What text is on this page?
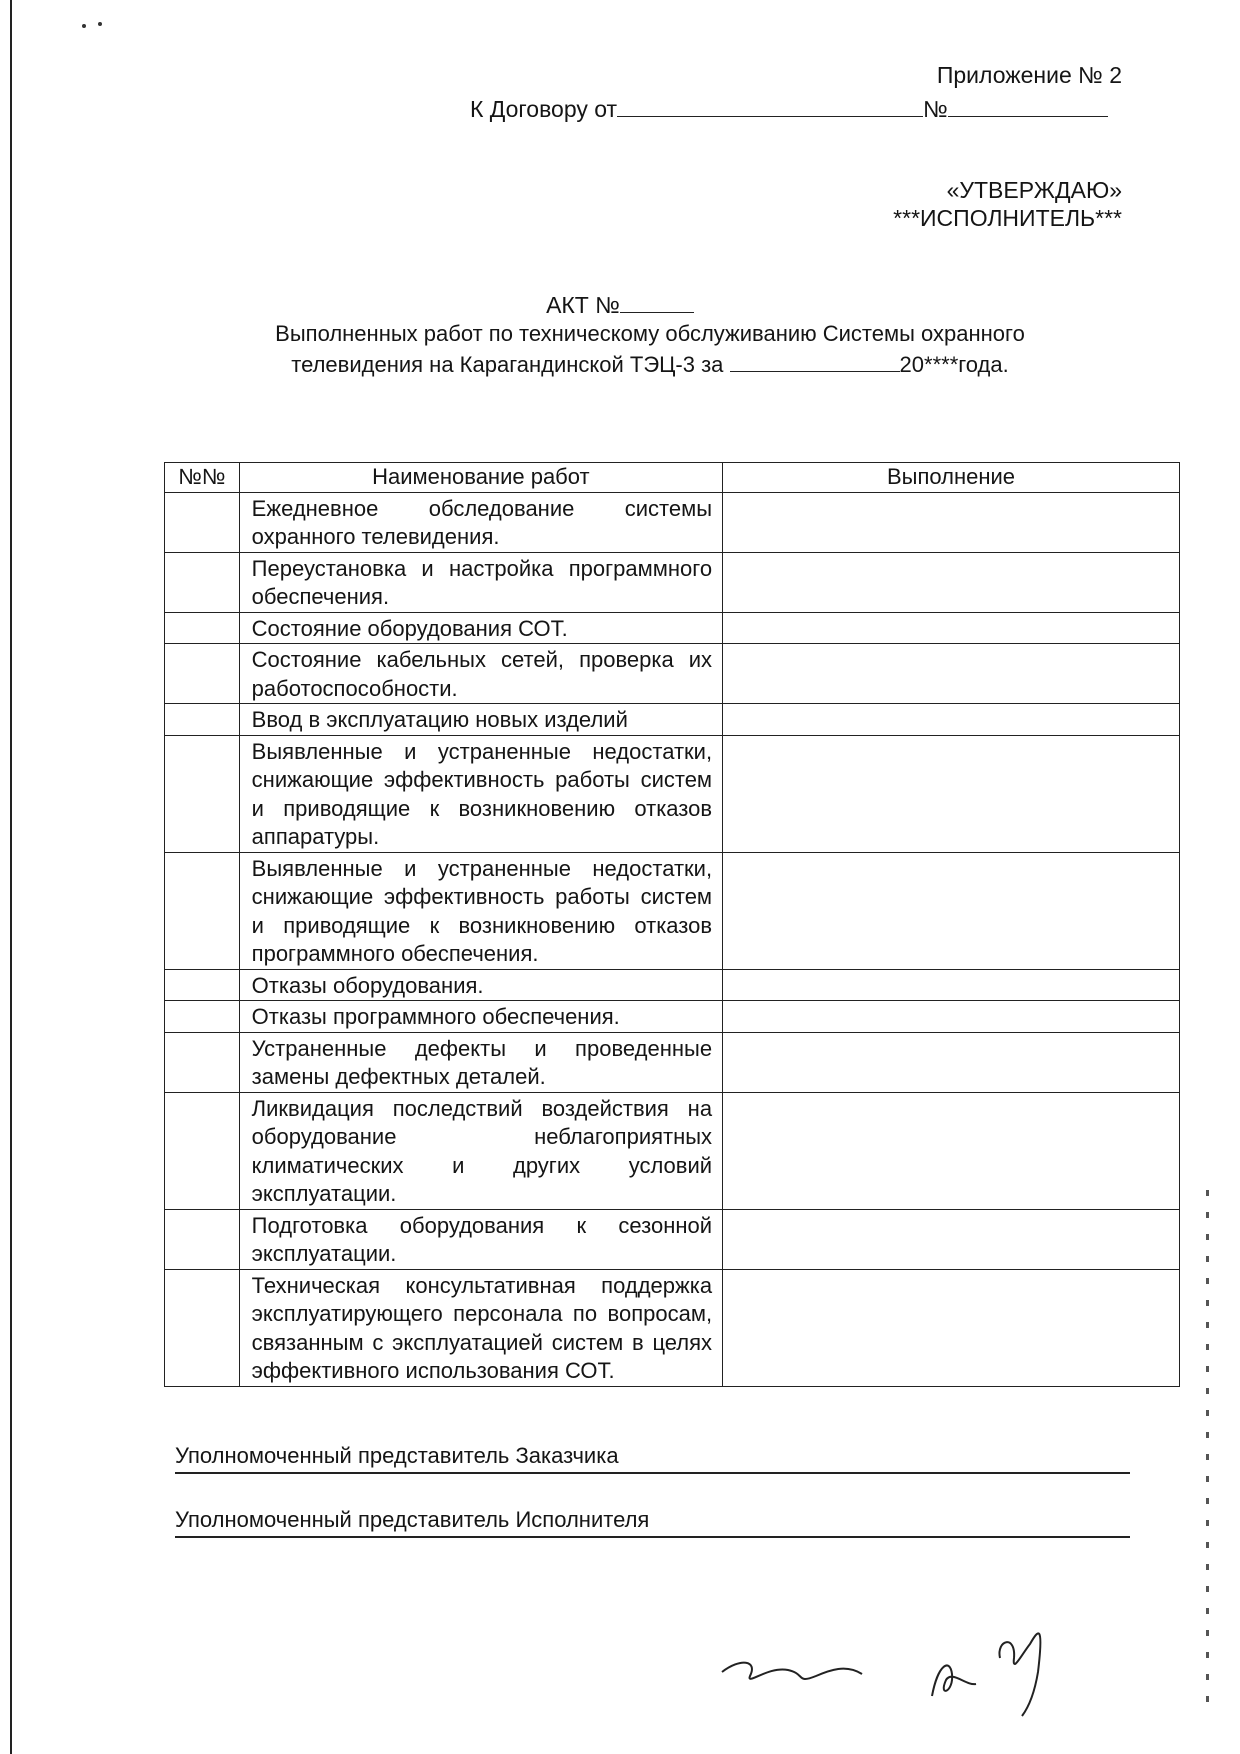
Приложение № 2
К Договору от	№
«УТВЕРЖДАЮ»
***ИСПОЛНИТЕЛЬ***
АКТ №
Выполненных работ по техническому обслуживанию Системы охранного
телевидения на Карагандинской ТЭЦ-3 за	20****года.
№№	Наименование работ	Выполнение
	Ежедневное обследование системы охранного телевидения.	
	Переустановка и настройка программного обеспечения.	
	Состояние оборудования СОТ.	
	Состояние кабельных сетей, проверка их работоспособности.	
	Ввод в эксплуатацию новых изделий	
	Выявленные и устраненные недостатки, снижающие эффективность работы систем и приводящие к возникновению отказов аппаратуры.	
	Выявленные и устраненные недостатки, снижающие эффективность работы систем и приводящие к возникновению отказов программного обеспечения.	
	Отказы оборудования.	
	Отказы программного обеспечения.	
	Устраненные дефекты и проведенные замены дефектных деталей.	
	Ликвидация последствий воздействия на оборудование неблагоприятных климатических и других условий эксплуатации.	
	Подготовка оборудования к сезонной эксплуатации.	
	Техническая консультативная поддержка эксплуатирующего персонала по вопросам, связанным с эксплуатацией систем в целях эффективного использования СОТ.	
Уполномоченный представитель Заказчика
Уполномоченный представитель Исполнителя
